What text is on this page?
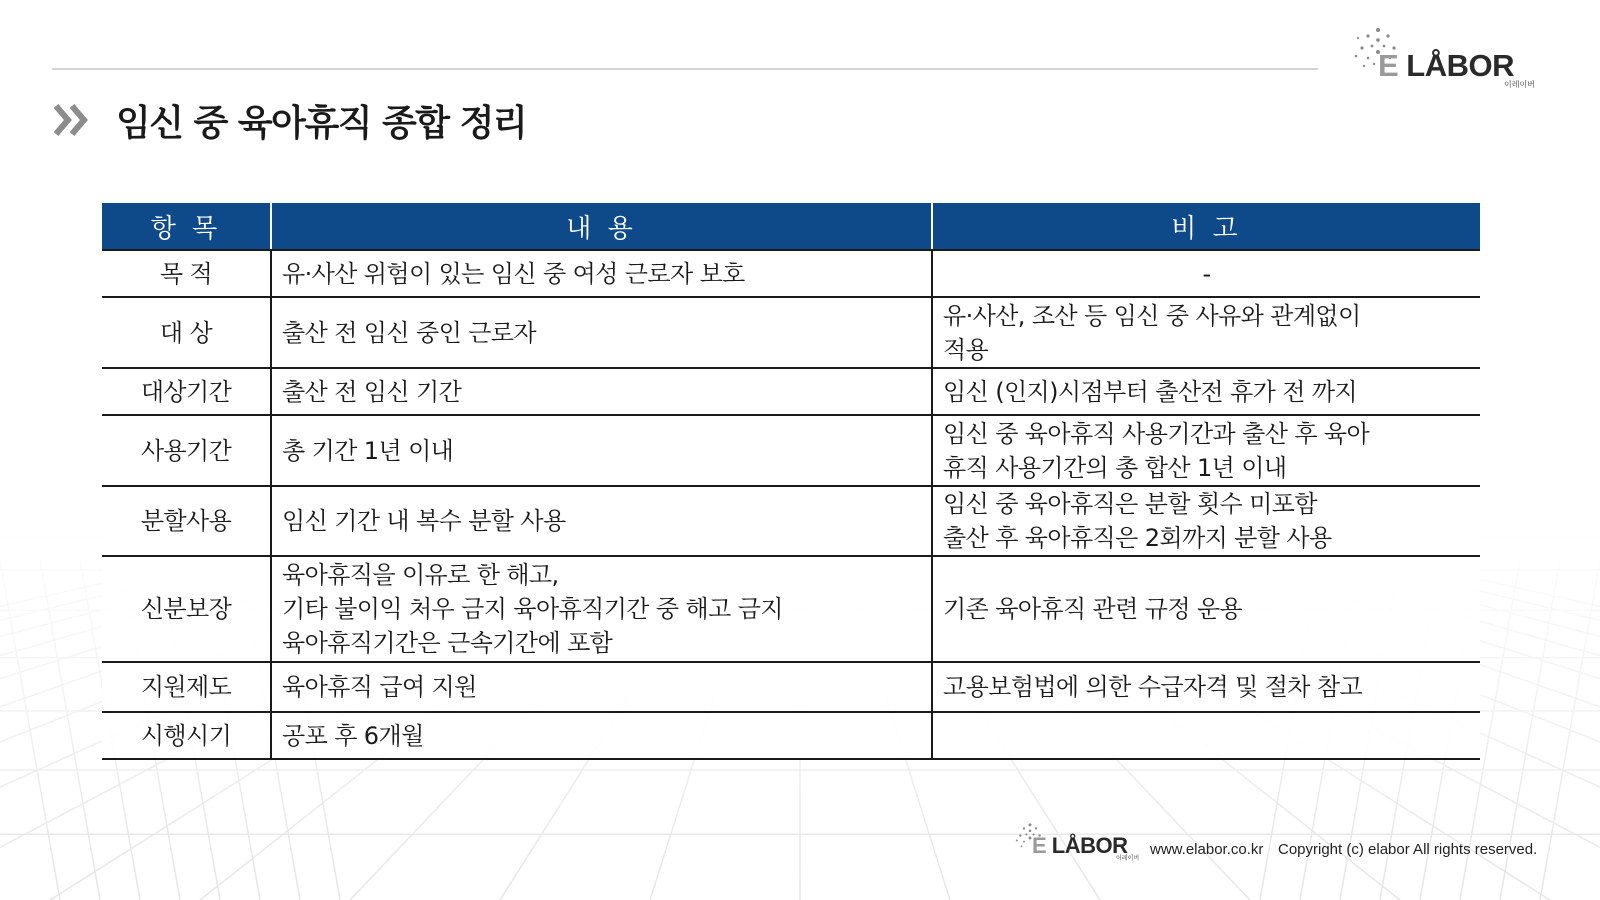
E LÅBOR
이레이버
임신 중 육아휴직 종합 정리
항 목	내 용	비 고
목 적	유·사산 위험이 있는 임신 중 여성 근로자 보호	-
대 상	출산 전 임신 중인 근로자	유·사산, 조산 등 임신 중 사유와 관계없이
적용
대상기간	출산 전 임신 기간	임신 (인지)시점부터 출산전 휴가 전 까지
사용기간	총 기간 1년 이내	임신 중 육아휴직 사용기간과 출산 후 육아
휴직 사용기간의 총 합산 1년 이내
분할사용	임신 기간 내 복수 분할 사용	임신 중 육아휴직은 분할 횟수 미포함
출산 후 육아휴직은 2회까지 분할 사용
신분보장	육아휴직을 이유로 한 해고,
기타 불이익 처우 금지 육아휴직기간 중 해고 금지
육아휴직기간은 근속기간에 포함	기존 육아휴직 관련 규정 운용
지원제도	육아휴직 급여 지원	고용보험법에 의한 수급자격 및 절차 참고
시행시기	공포 후 6개월	
E LÅBOR
이레이버
www.elabor.co.kr Copyright (c) elabor All rights reserved.
